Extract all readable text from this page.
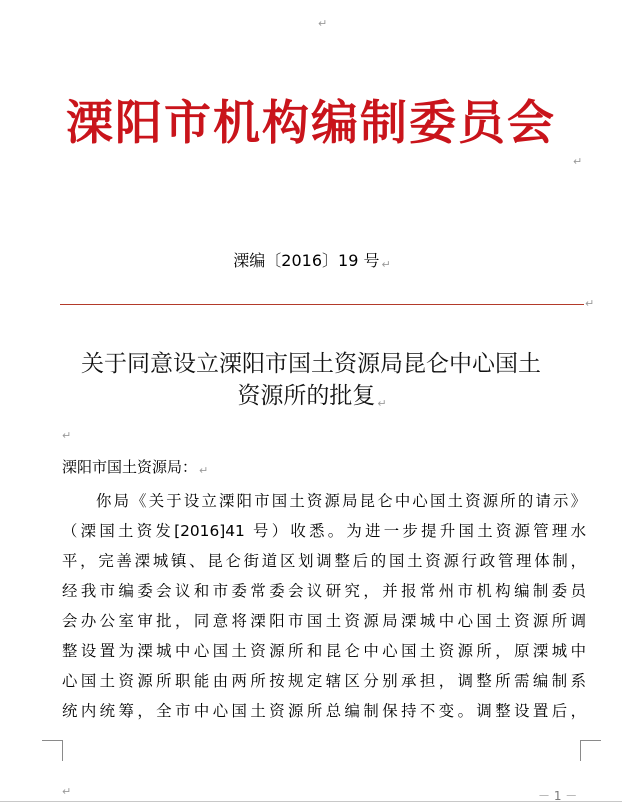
↵
溧阳市机构编制委员会
↵
溧编〔2016〕19 号 ↵
↵
关于同意设立溧阳市国土资源局昆仑中心国土
资源所的批复 ↵
↵
溧阳市国土资源局： ↵
你局《关于设立溧阳市国土资源局昆仑中心国土资源所的请示》
（溧国土资发[2016]41 号）收悉。为进一步提升国土资源管理水
平，完善溧城镇、昆仑街道区划调整后的国土资源行政管理体制，
经我市编委会议和市委常委会议研究，并报常州市机构编制委员
会办公室审批，同意将溧阳市国土资源局溧城中心国土资源所调
整设置为溧城中心国土资源所和昆仑中心国土资源所，原溧城中
心国土资源所职能由两所按规定辖区分别承担，调整所需编制系
统内统筹，全市中心国土资源所总编制保持不变。调整设置后，
↵	－ 1 －
